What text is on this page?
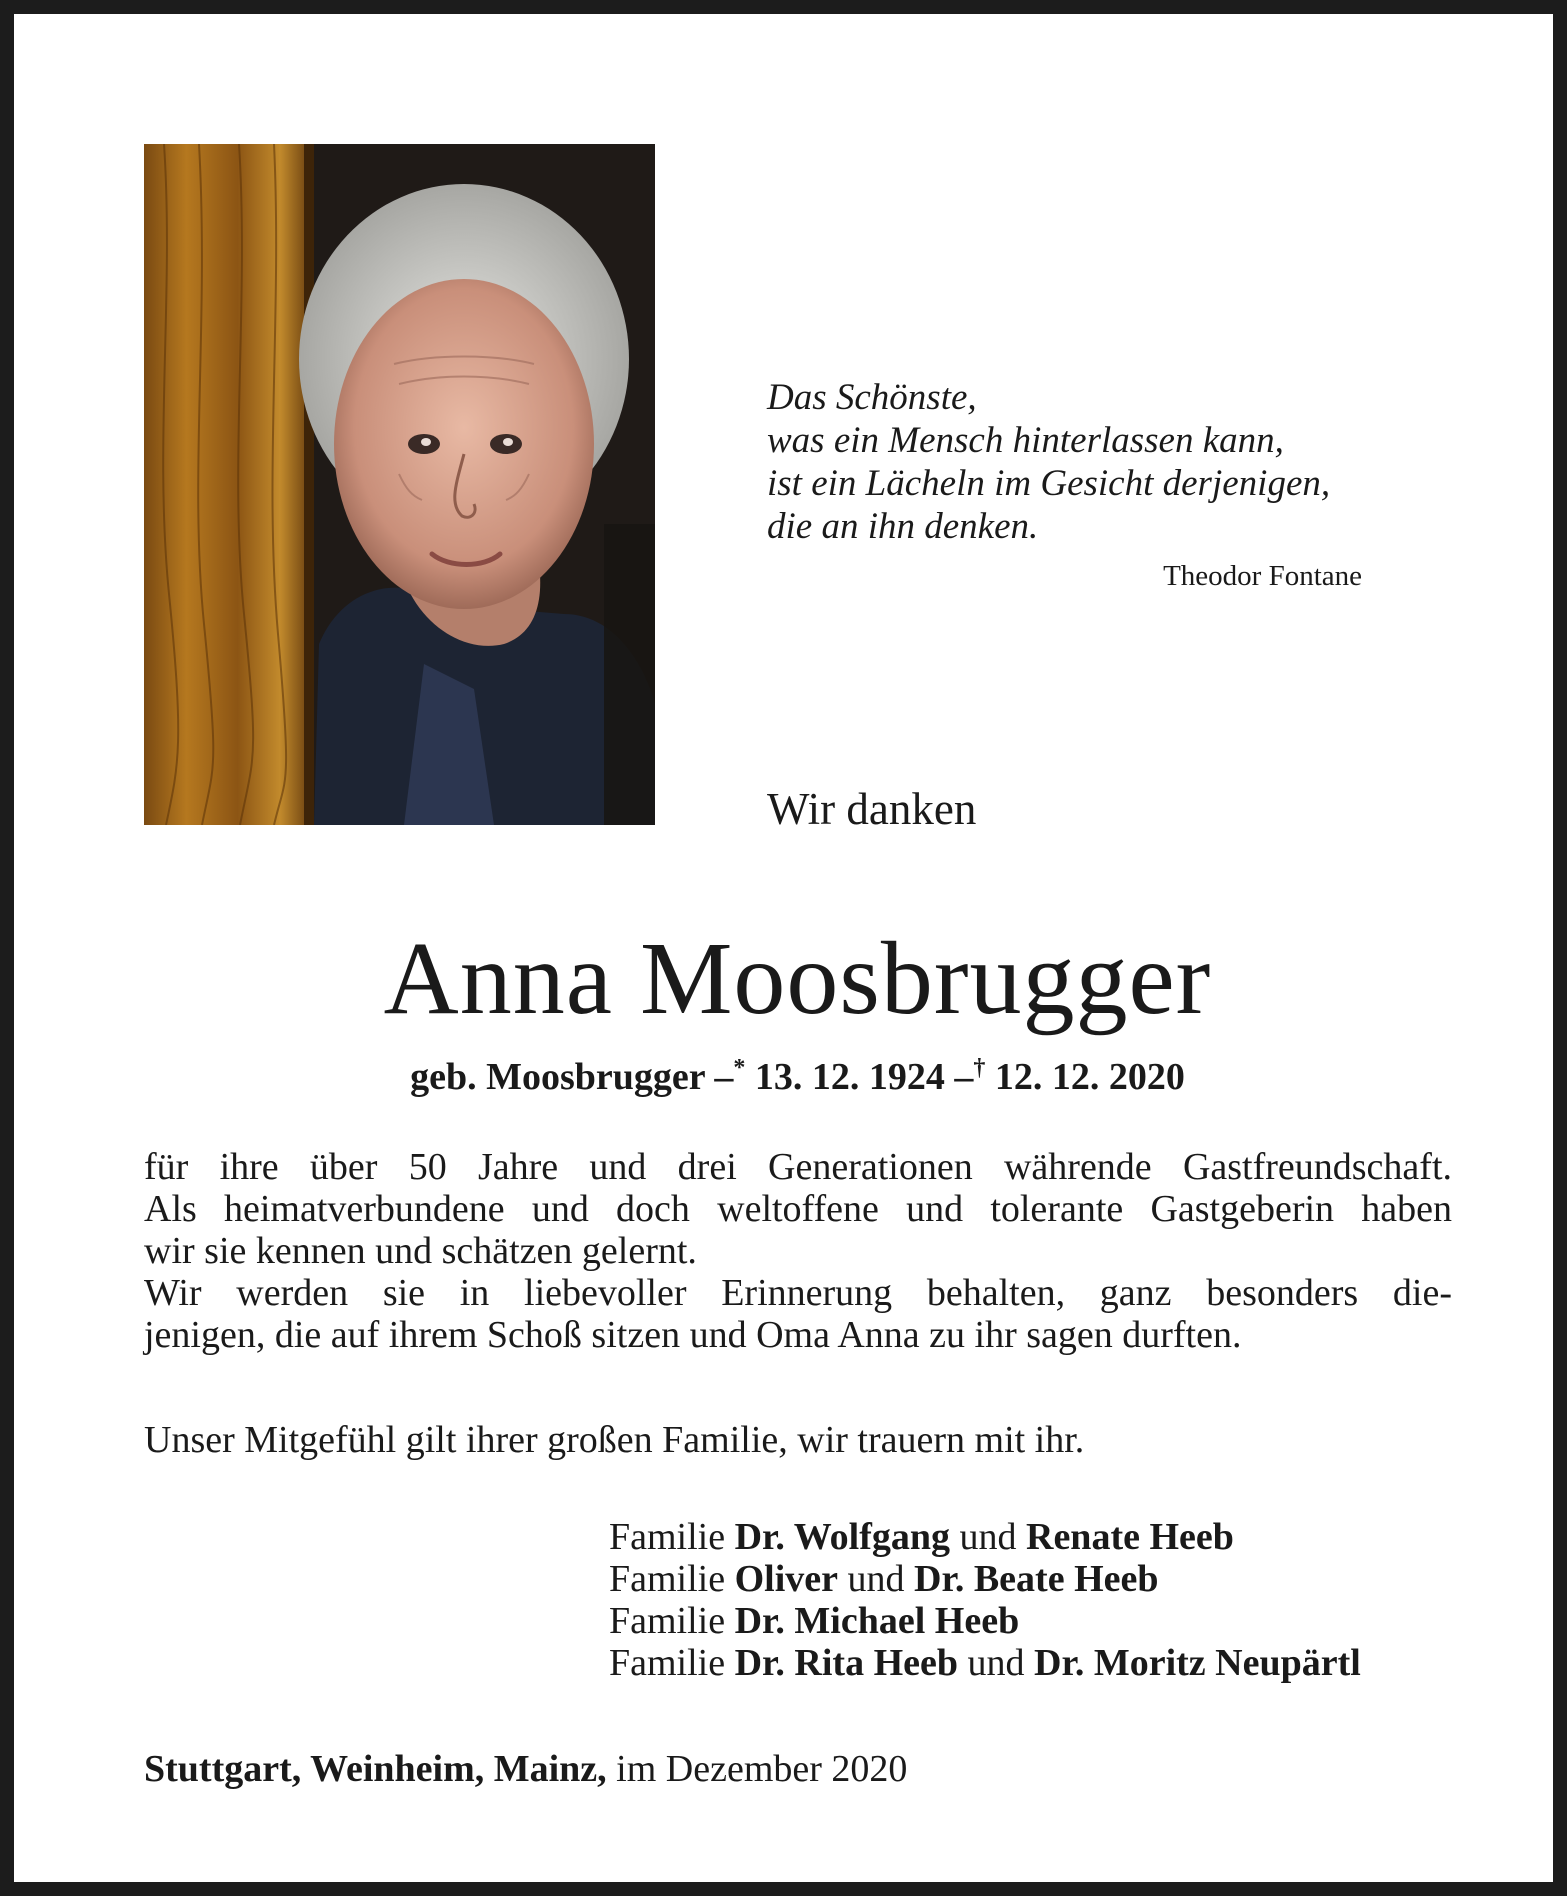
Das Schönste,
was ein Mensch hinterlassen kann,
ist ein Lächeln im Gesicht derjenigen,
die an ihn denken.
Theodor Fontane
Wir danken
Anna Moosbrugger
geb. Moosbrugger –* 13. 12. 1924 –† 12. 12. 2020
für ihre über 50 Jahre und drei Generationen währende Gastfreundschaft.
Als heimatverbundene und doch weltoffene und tolerante Gastgeberin haben
wir sie kennen und schätzen gelernt.
Wir werden sie in liebevoller Erinnerung behalten, ganz besonders die-
jenigen, die auf ihrem Schoß sitzen und Oma Anna zu ihr sagen durften.
Unser Mitgefühl gilt ihrer großen Familie, wir trauern mit ihr.
Familie Dr. Wolfgang und Renate Heeb
Familie Oliver und Dr. Beate Heeb
Familie Dr. Michael Heeb
Familie Dr. Rita Heeb und Dr. Moritz Neupärtl
Stuttgart, Weinheim, Mainz, im Dezember 2020
